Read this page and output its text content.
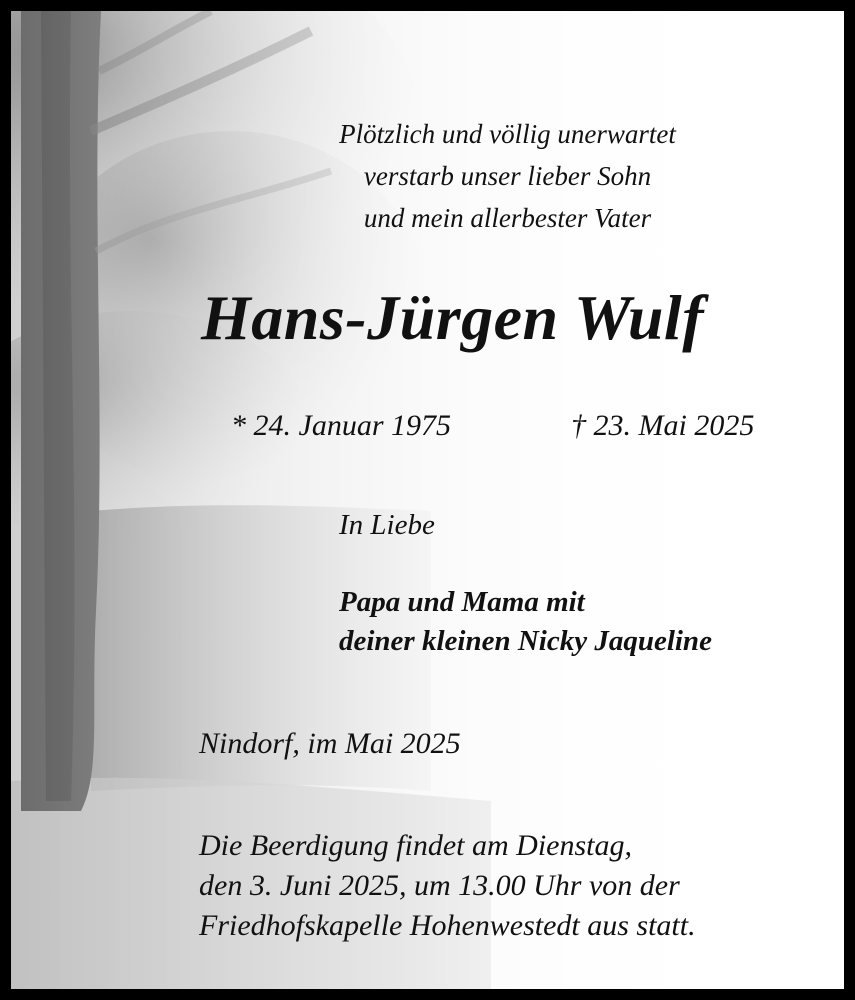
Plötzlich und völlig unerwartet
verstarb unser lieber Sohn
und mein allerbester Vater

Hans-Jürgen Wulf

* 24. Januar 1975	† 23. Mai 2025

In Liebe

Papa und Mama mit
deiner kleinen Nicky Jaqueline

Nindorf, im Mai 2025

Die Beerdigung findet am Dienstag,
den 3. Juni 2025, um 13.00 Uhr von der
Friedhofskapelle Hohenwestedt aus statt.
